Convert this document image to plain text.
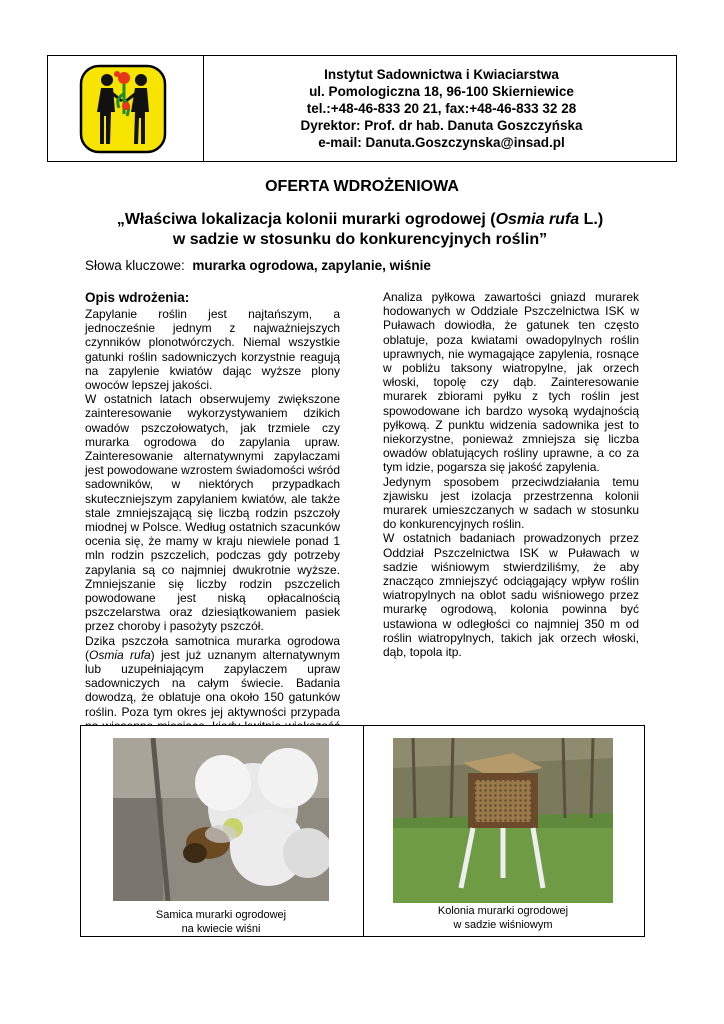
Instytut Sadownictwa i Kwiaciarstwa
ul. Pomologiczna 18, 96-100 Skierniewice
tel.:+48-46-833 20 21, fax:+48-46-833 32 28
Dyrektor: Prof. dr hab. Danuta Goszczyńska
e-mail: Danuta.Goszczynska@insad.pl
OFERTA WDROŻENIOWA
„Właściwa lokalizacja kolonii murarki ogrodowej (Osmia rufa L.)
w sadzie w stosunku do konkurencyjnych roślin”
Słowa kluczowe: murarka ogrodowa, zapylanie, wiśnie
Opis wdrożenia:

Zapylanie roślin jest najtańszym, a jednocześnie jednym z najważniejszych czynników plonotwórczych. Niemal wszystkie gatunki roślin sadowniczych korzystnie reagują na zapylenie kwiatów dając wyższe plony owoców lepszej jakości.

W ostatnich latach obserwujemy zwiększone zainteresowanie wykorzystywaniem dzikich owadów pszczołowatych, jak trzmiele czy murarka ogrodowa do zapylania upraw. Zainteresowanie alternatywnymi zapylaczami jest powodowane wzrostem świadomości wśród sadowników, w niektórych przypadkach skuteczniejszym zapylaniem kwiatów, ale także stale zmniejszającą się liczbą rodzin pszczoły miodnej w Polsce. Według ostatnich szacunków ocenia się, że mamy w kraju niewiele ponad 1 mln rodzin pszczelich, podczas gdy potrzeby zapylania są co najmniej dwukrotnie wyższe. Zmniejszanie się liczby rodzin pszczelich powodowane jest niską opłacalnością pszczelarstwa oraz dziesiątkowaniem pasiek przez choroby i pasożyty pszczół.

Dzika pszczoła samotnica murarka ogrodowa (Osmia rufa) jest już uznanym alternatywnym lub uzupełniającym zapylaczem upraw sadowniczych na całym świecie. Badania dowodzą, że oblatuje ona około 150 gatunków roślin. Poza tym okres jej aktywności przypada

Analiza pyłkowa zawartości gniazd murarek hodowanych w Oddziale Pszczelnictwa ISK w Puławach dowiodła, że gatunek ten często oblatuje, poza kwiatami owadopylnych roślin uprawnych, nie wymagające zapylenia, rosnące w pobliżu taksony wiatropylne, jak orzech włoski, topolę czy dąb. Zainteresowanie murarek zbiorami pyłku z tych roślin jest spowodowane ich bardzo wysoką wydajnością pyłkową. Z punktu widzenia sadownika jest to niekorzystne, ponieważ zmniejsza się liczba owadów oblatujących rośliny uprawne, a co za tym idzie, pogarsza się jakość zapylenia.

Jedynym sposobem przeciwdziałania temu zjawisku jest izolacja przestrzenna kolonii murarek umieszczanych w sadach w stosunku do konkurencyjnych roślin.

W ostatnich badaniach prowadzonych przez Oddział Pszczelnictwa ISK w Puławach w sadzie wiśniowym stwierdziliśmy, że aby znacząco zmniejszyć odciągający wpływ roślin wiatropylnych na oblot sadu wiśniowego przez murarkę ogrodową, kolonia powinna być ustawiona w odległości co najmniej 350 m od roślin wiatropylnych, takich jak orzech włoski, dąb, topola itp.

Samica murarki ogrodowej
na kwiecie wiśni
Kolonia murarki ogrodowej
w sadzie wiśniowym
